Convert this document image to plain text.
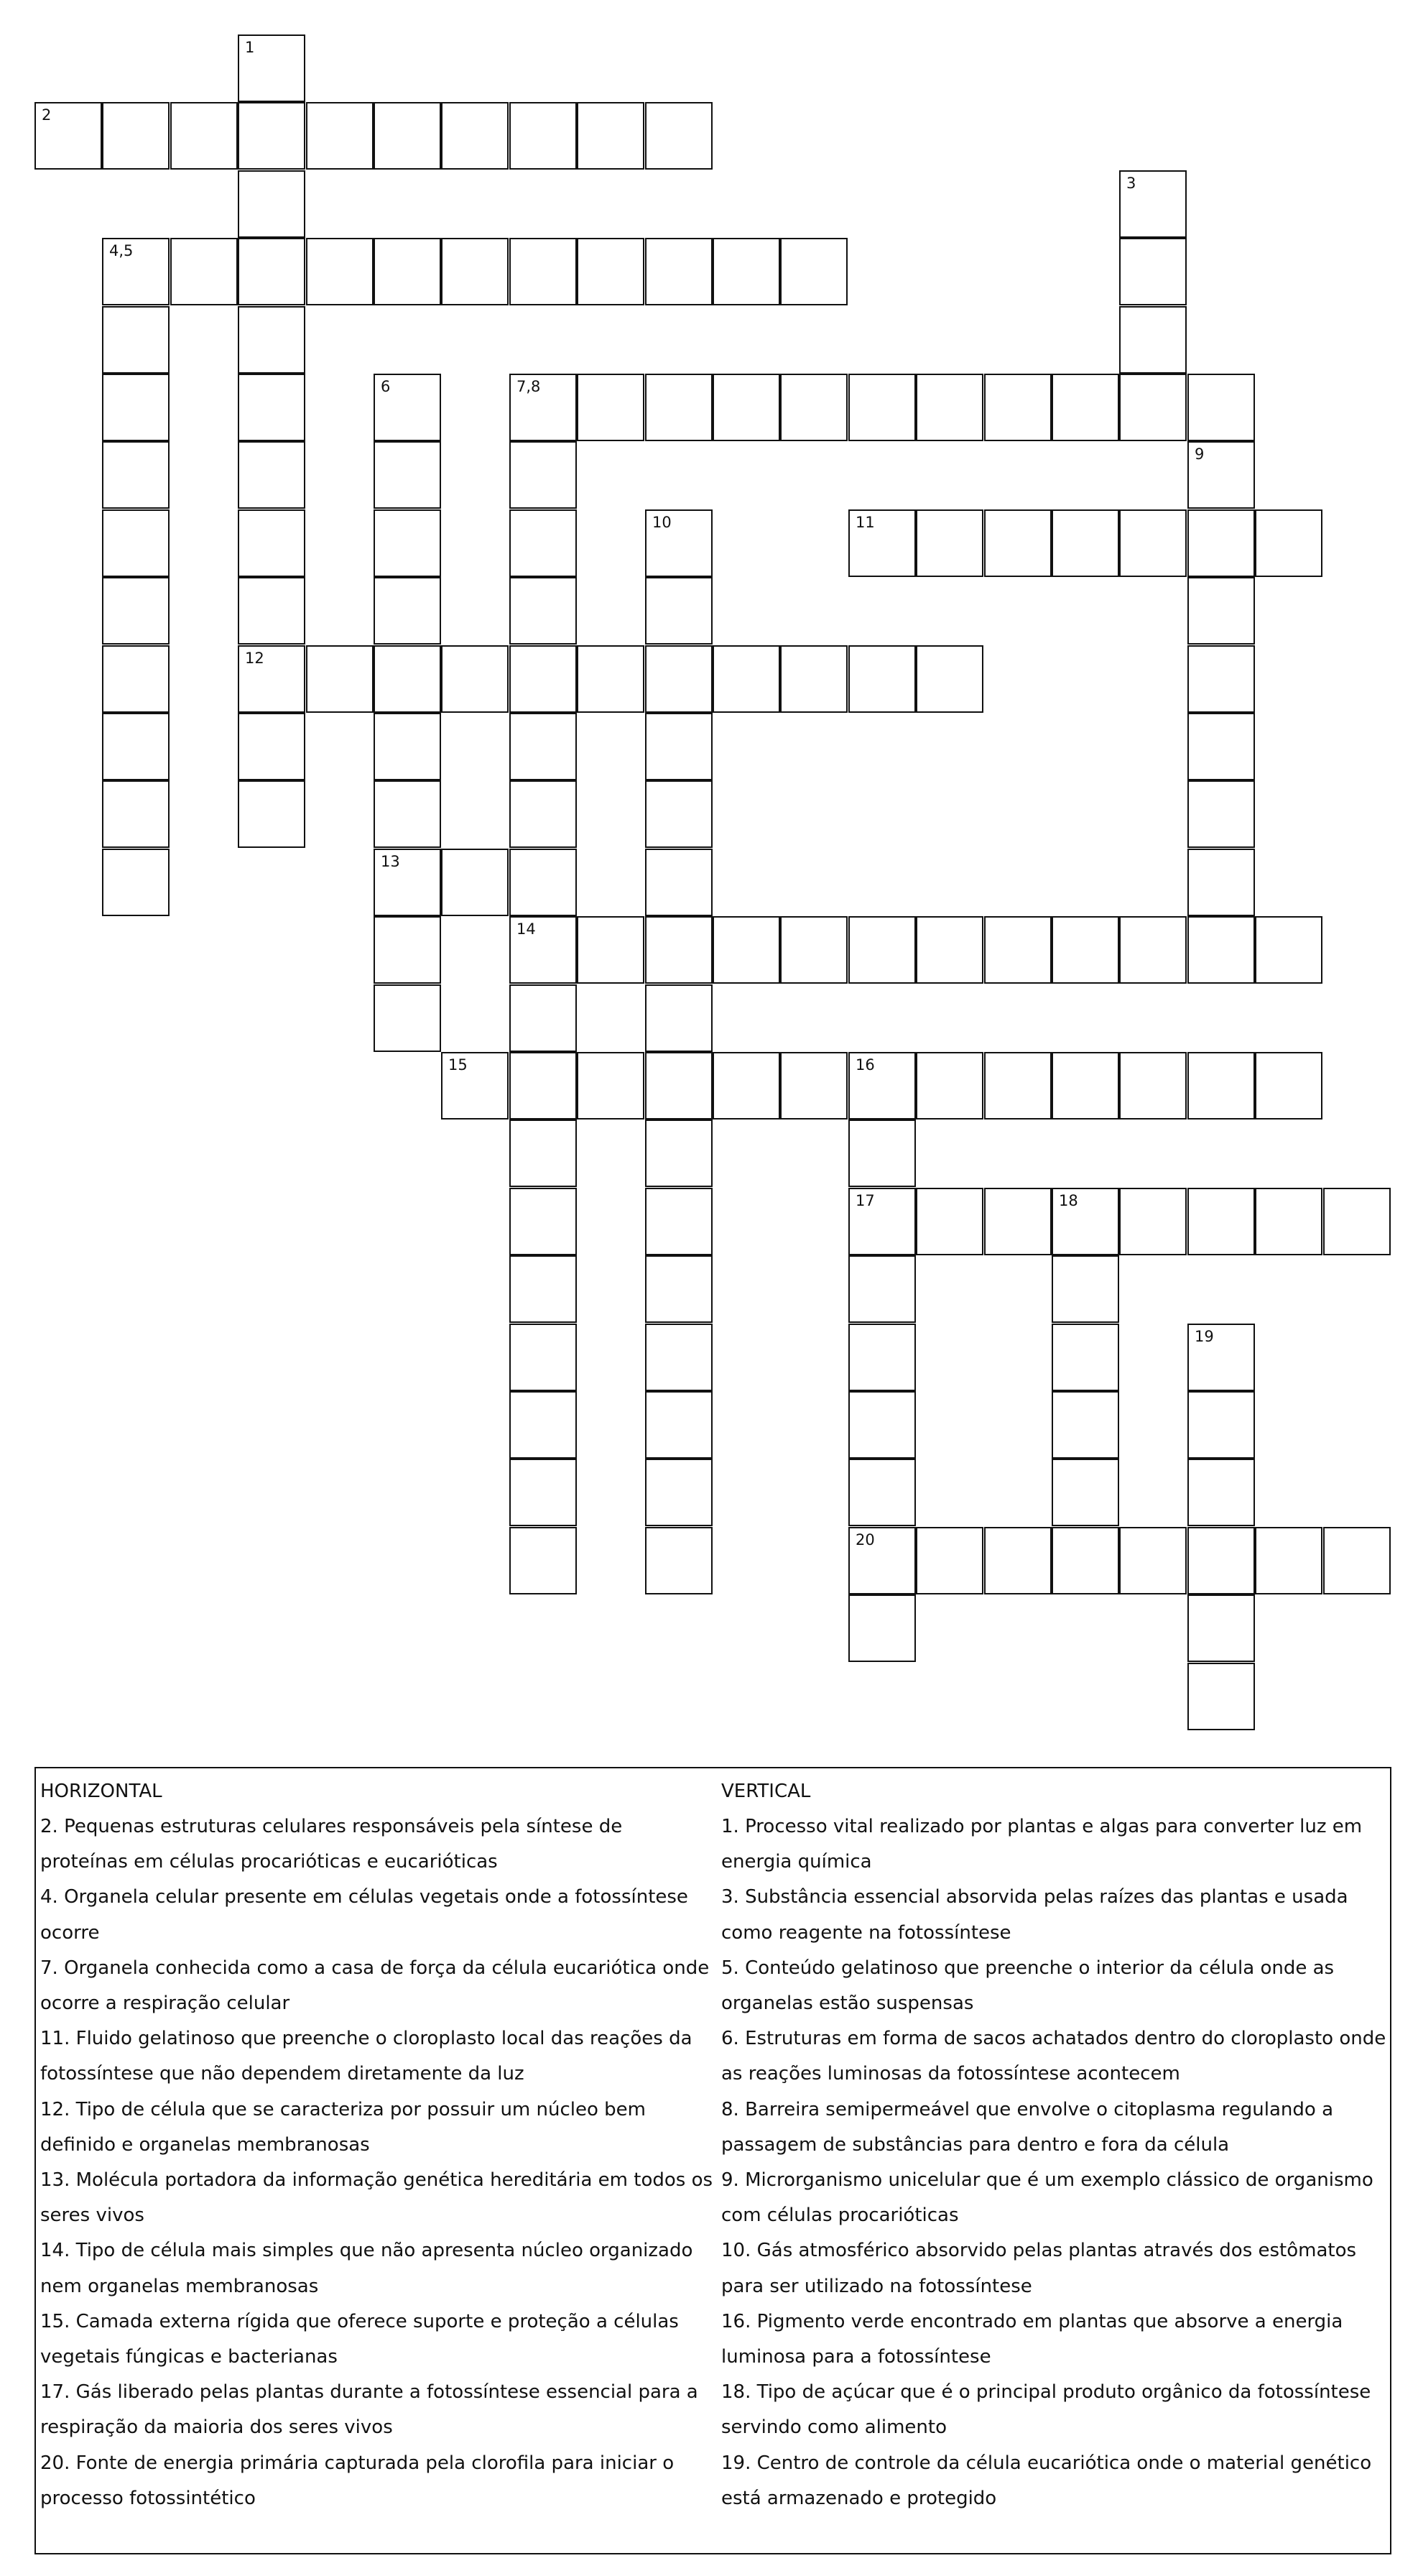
1
12
2
3
4,5
6
13
7,8
14
9
10	11
15	16
17
20
18
19
HORIZONTAL
2. Pequenas estruturas celulares responsáveis pela síntese de proteínas em células procarióticas e eucarióticas
4. Organela celular presente em células vegetais onde a fotossíntese ocorre
7. Organela conhecida como a casa de força da célula eucariótica onde ocorre a respiração celular
11. Fluido gelatinoso que preenche o cloroplasto local das reações da fotossíntese que não dependem diretamente da luz
12. Tipo de célula que se caracteriza por possuir um núcleo bem definido e organelas membranosas
13. Molécula portadora da informação genética hereditária em todos os seres vivos
14. Tipo de célula mais simples que não apresenta núcleo organizado nem organelas membranosas
15. Camada externa rígida que oferece suporte e proteção a células vegetais fúngicas e bacterianas
17. Gás liberado pelas plantas durante a fotossíntese essencial para a respiração da maioria dos seres vivos
20. Fonte de energia primária capturada pela clorofila para iniciar o processo fotossintético
VERTICAL
1. Processo vital realizado por plantas e algas para converter luz em energia química
3. Substância essencial absorvida pelas raízes das plantas e usada como reagente na fotossíntese
5. Conteúdo gelatinoso que preenche o interior da célula onde as organelas estão suspensas
6. Estruturas em forma de sacos achatados dentro do cloroplasto onde as reações luminosas da fotossíntese acontecem
8. Barreira semipermeável que envolve o citoplasma regulando a passagem de substâncias para dentro e fora da célula
9. Microrganismo unicelular que é um exemplo clássico de organismo com células procarióticas
10. Gás atmosférico absorvido pelas plantas através dos estômatos para ser utilizado na fotossíntese
16. Pigmento verde encontrado em plantas que absorve a energia luminosa para a fotossíntese
18. Tipo de açúcar que é o principal produto orgânico da fotossíntese servindo como alimento
19. Centro de controle da célula eucariótica onde o material genético está armazenado e protegido
